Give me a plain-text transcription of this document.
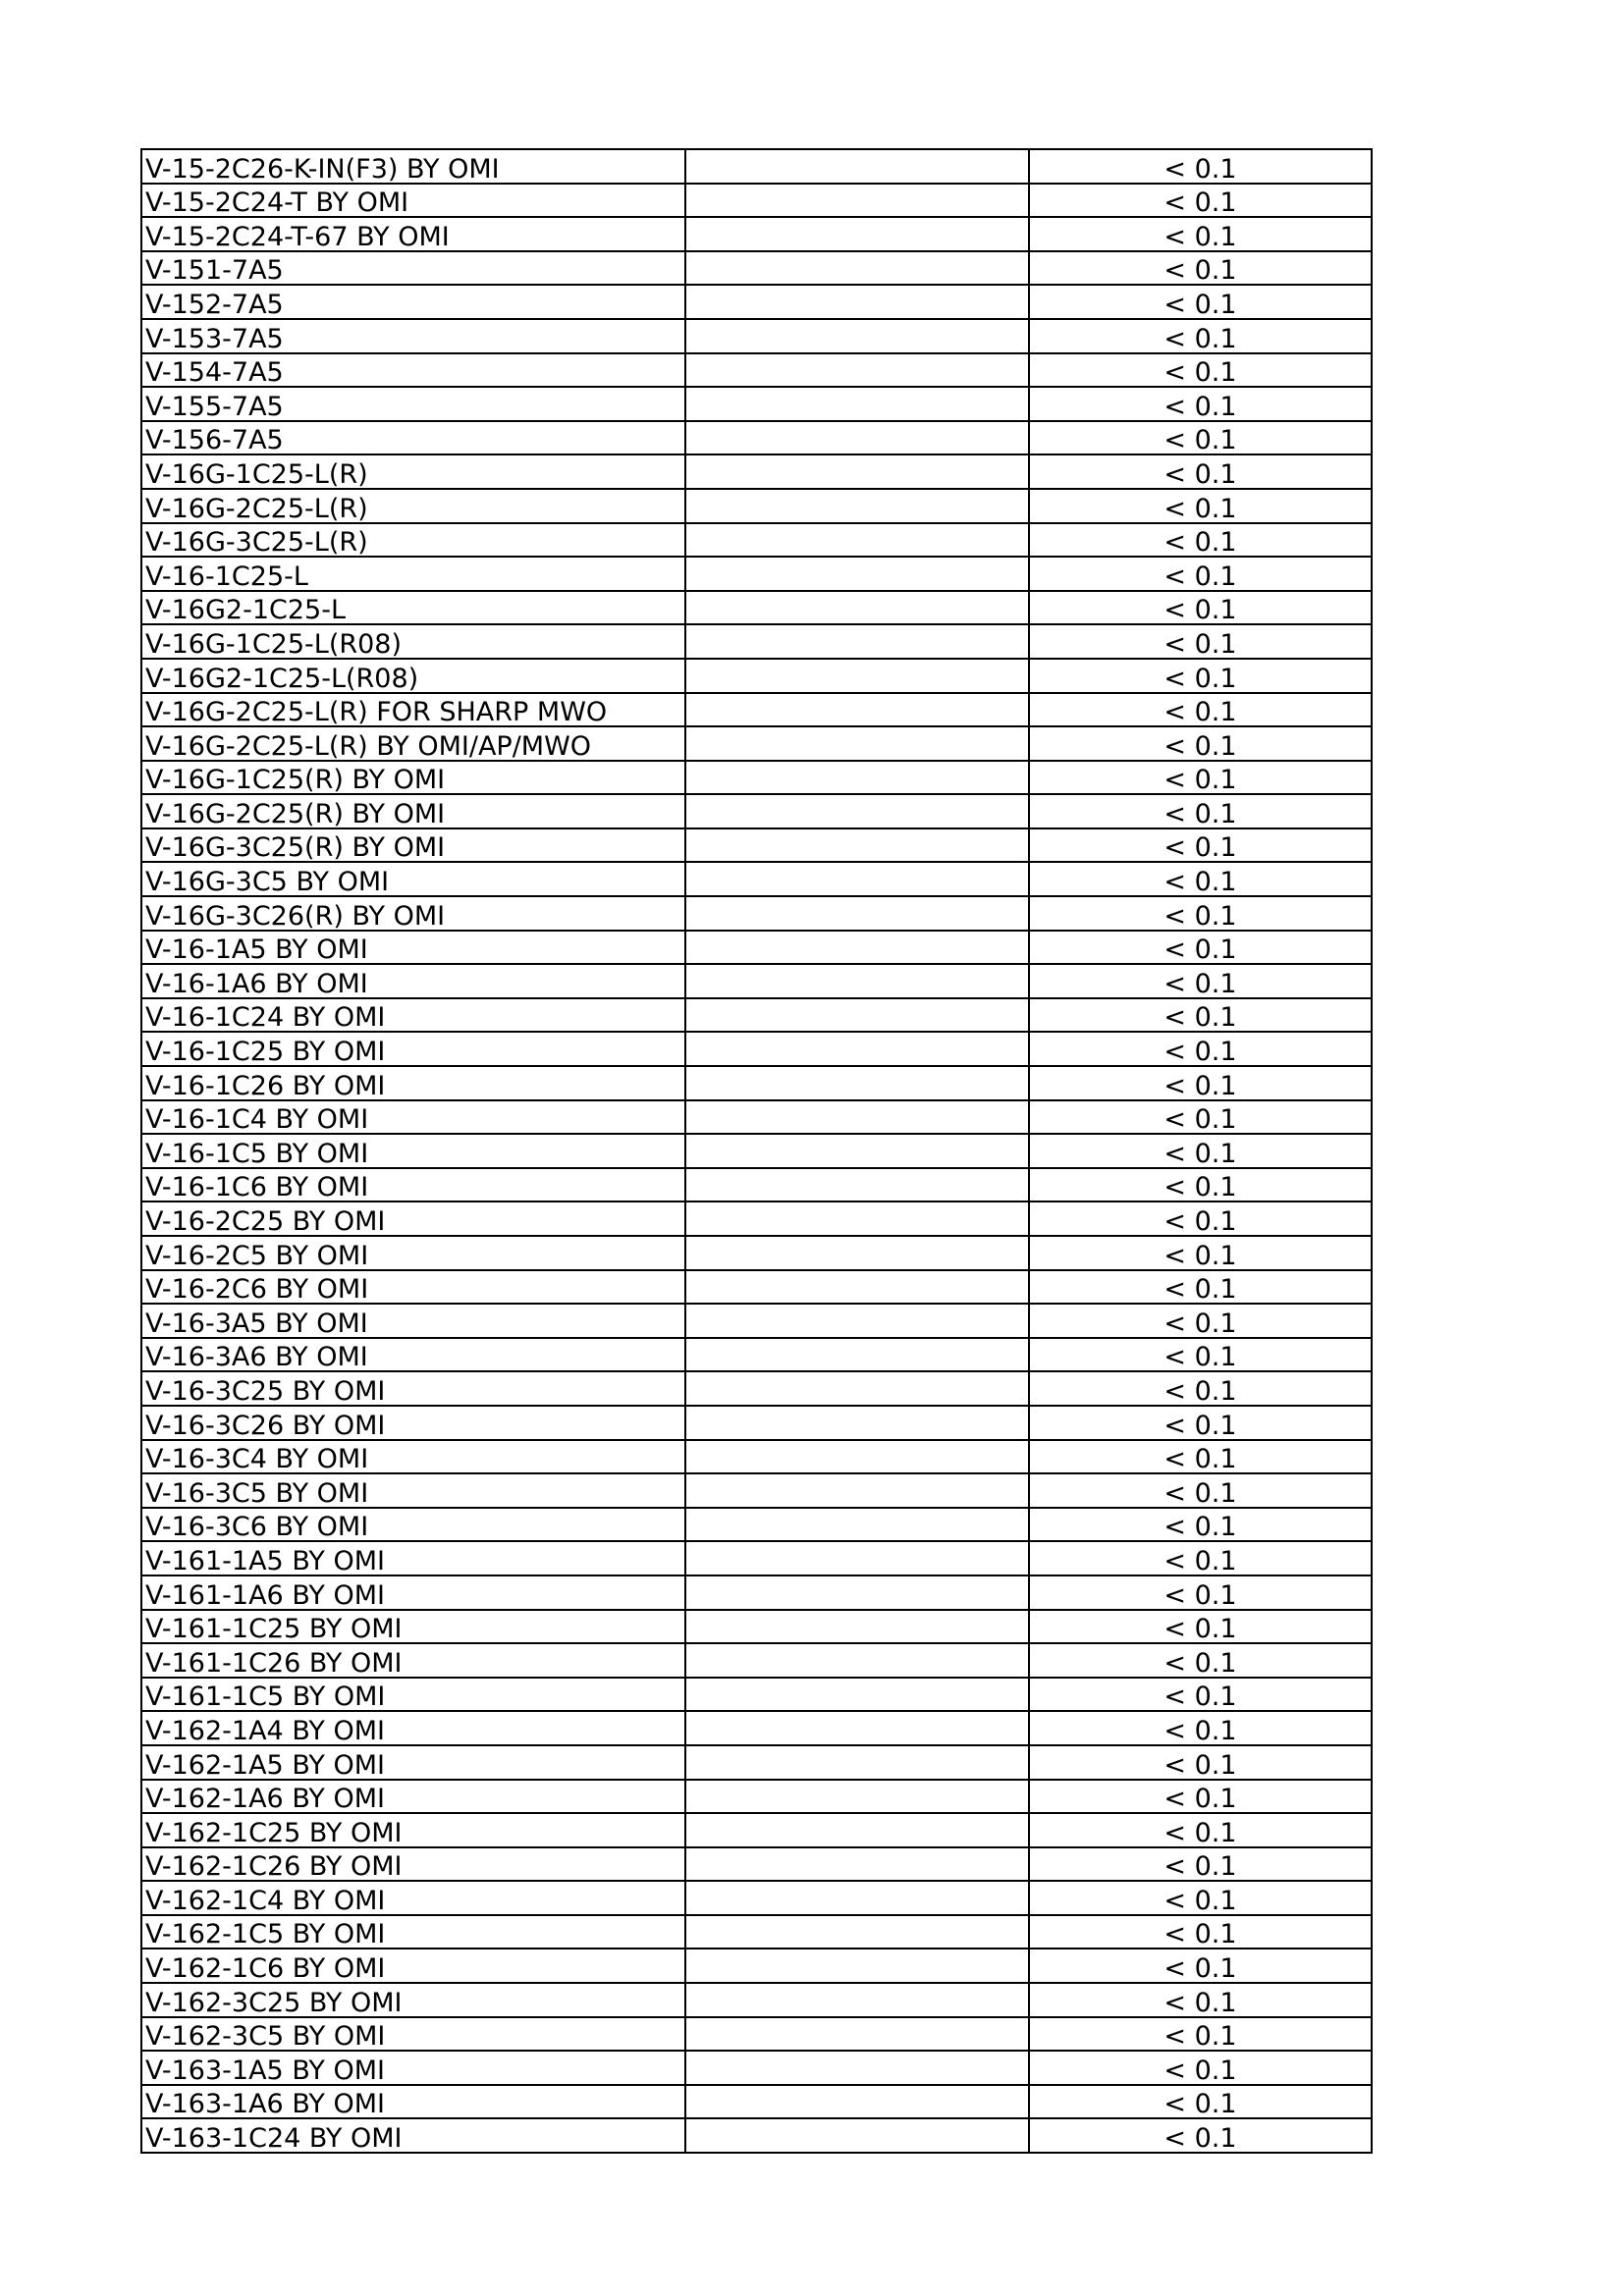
V-15-2C26-K-IN(F3) BY OMI		< 0.1
V-15-2C24-T BY OMI		< 0.1
V-15-2C24-T-67 BY OMI		< 0.1
V-151-7A5		< 0.1
V-152-7A5		< 0.1
V-153-7A5		< 0.1
V-154-7A5		< 0.1
V-155-7A5		< 0.1
V-156-7A5		< 0.1
V-16G-1C25-L(R)		< 0.1
V-16G-2C25-L(R)		< 0.1
V-16G-3C25-L(R)		< 0.1
V-16-1C25-L		< 0.1
V-16G2-1C25-L		< 0.1
V-16G-1C25-L(R08)		< 0.1
V-16G2-1C25-L(R08)		< 0.1
V-16G-2C25-L(R) FOR SHARP MWO		< 0.1
V-16G-2C25-L(R) BY OMI/AP/MWO		< 0.1
V-16G-1C25(R) BY OMI		< 0.1
V-16G-2C25(R) BY OMI		< 0.1
V-16G-3C25(R) BY OMI		< 0.1
V-16G-3C5 BY OMI		< 0.1
V-16G-3C26(R) BY OMI		< 0.1
V-16-1A5 BY OMI		< 0.1
V-16-1A6 BY OMI		< 0.1
V-16-1C24 BY OMI		< 0.1
V-16-1C25 BY OMI		< 0.1
V-16-1C26 BY OMI		< 0.1
V-16-1C4 BY OMI		< 0.1
V-16-1C5 BY OMI		< 0.1
V-16-1C6 BY OMI		< 0.1
V-16-2C25 BY OMI		< 0.1
V-16-2C5 BY OMI		< 0.1
V-16-2C6 BY OMI		< 0.1
V-16-3A5 BY OMI		< 0.1
V-16-3A6 BY OMI		< 0.1
V-16-3C25 BY OMI		< 0.1
V-16-3C26 BY OMI		< 0.1
V-16-3C4 BY OMI		< 0.1
V-16-3C5 BY OMI		< 0.1
V-16-3C6 BY OMI		< 0.1
V-161-1A5 BY OMI		< 0.1
V-161-1A6 BY OMI		< 0.1
V-161-1C25 BY OMI		< 0.1
V-161-1C26 BY OMI		< 0.1
V-161-1C5 BY OMI		< 0.1
V-162-1A4 BY OMI		< 0.1
V-162-1A5 BY OMI		< 0.1
V-162-1A6 BY OMI		< 0.1
V-162-1C25 BY OMI		< 0.1
V-162-1C26 BY OMI		< 0.1
V-162-1C4 BY OMI		< 0.1
V-162-1C5 BY OMI		< 0.1
V-162-1C6 BY OMI		< 0.1
V-162-3C25 BY OMI		< 0.1
V-162-3C5 BY OMI		< 0.1
V-163-1A5 BY OMI		< 0.1
V-163-1A6 BY OMI		< 0.1
V-163-1C24 BY OMI		< 0.1
